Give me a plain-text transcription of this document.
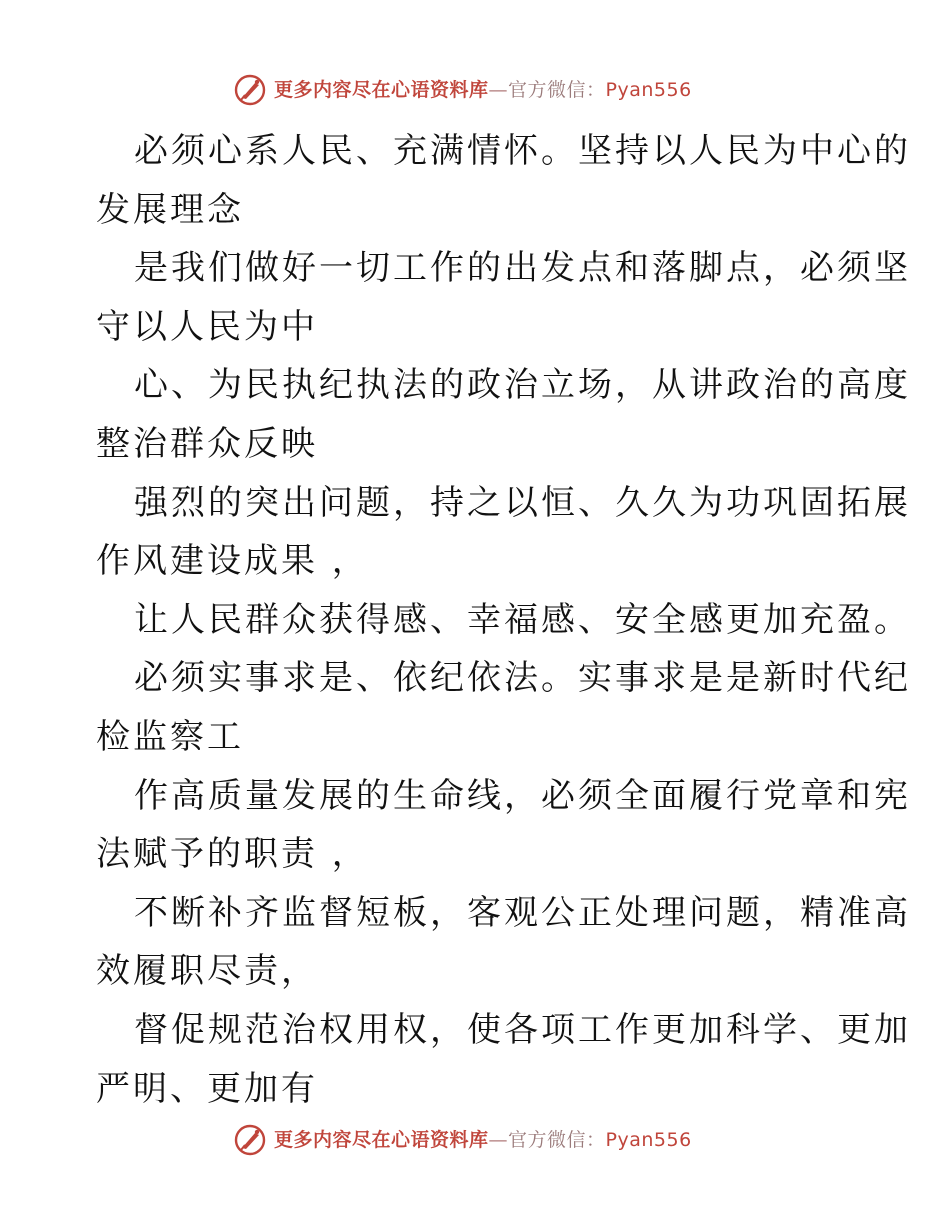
更多内容尽在心语资料库—官方微信：Pyan556
必须心系人民、充满情怀。坚持以人民为中心的
发展理念
是我们做好一切工作的出发点和落脚点，必须坚
守以人民为中
心、为民执纪执法的政治立场，从讲政治的高度
整治群众反映
强烈的突出问题，持之以恒、久久为功巩固拓展
作风建设成果 ，
让人民群众获得感、幸福感、安全感更加充盈。
必须实事求是、依纪依法。实事求是是新时代纪
检监察工
作高质量发展的生命线，必须全面履行党章和宪
法赋予的职责 ，
不断补齐监督短板，客观公正处理问题，精准高
效履职尽责，
督促规范治权用权，使各项工作更加科学、更加
严明、更加有
更多内容尽在心语资料库—官方微信：Pyan556
